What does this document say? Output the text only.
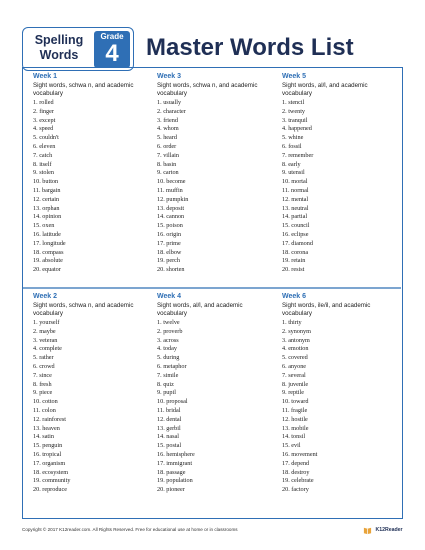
Spelling
Words
Grade
4	Master Words List
Week 1
Sight words, schwa n, and academic vocabulary
1. rolled
2. finger
3. except
4. speed
5. couldn't
6. eleven
7. catch
8. itself
9. stolen
10. button
11. bargain
12. certain
13. orphan
14. opinion
15. oxen
16. latitude
17. longitude
18. compass
19. absolute
20. equator
Week 2
Sight words, schwa n, and academic vocabulary
1. yourself
2. maybe
3. veteran
4. complete
5. rather
6. crowd
7. since
8. fresh
9. piece
10. cotton
11. colon
12. rainforest
13. heaven
14. satin
15. penguin
16. tropical
17. organism
18. ecosystem
19. community
20. reproduce
Week 3
Sight words, schwa n, and academic vocabulary
1. usually
2. character
3. friend
4. whom
5. heard
6. order
7. villain
8. basin
9. carton
10. become
11. muffin
12. pumpkin
13. deposit
14. cannon
15. poison
16. origin
17. prime
18. elbow
19. perch
20. shorten
Week 4
Sight words, al/l, and academic vocabulary
1. twelve
2. proverb
3. across
4. today
5. during
6. metaphor
7. simile
8. quiz
9. pupil
10. proposal
11. bridal
12. dental
13. gerbil
14. nasal
15. postal
16. hemisphere
17. immigrant
18. passage
19. population
20. pioneer
Week 5
Sight words, al/l, and academic vocabulary
1. stencil
2. twenty
3. tranquil
4. happened
5. whine
6. fossil
7. remember
8. early
9. utensil
10. mortal
11. normal
12. mental
13. neutral
14. partial
15. council
16. eclipse
17. diamond
18. corona
19. retain
20. resist
Week 6
Sight words, ile/il, and academic vocabulary
1. thirty
2. synonym
3. antonym
4. emotion
5. covered
6. anyone
7. several
8. juvenile
9. reptile
10. toward
11. fragile
12. hostile
13. mobile
14. tonsil
15. evil
16. movement
17. depend
18. destroy
19. celebrate
20. factory
Copyright © 2017 K12reader.com. All Rights Reserved. Free for educational use at home or in classrooms	K12Reader
